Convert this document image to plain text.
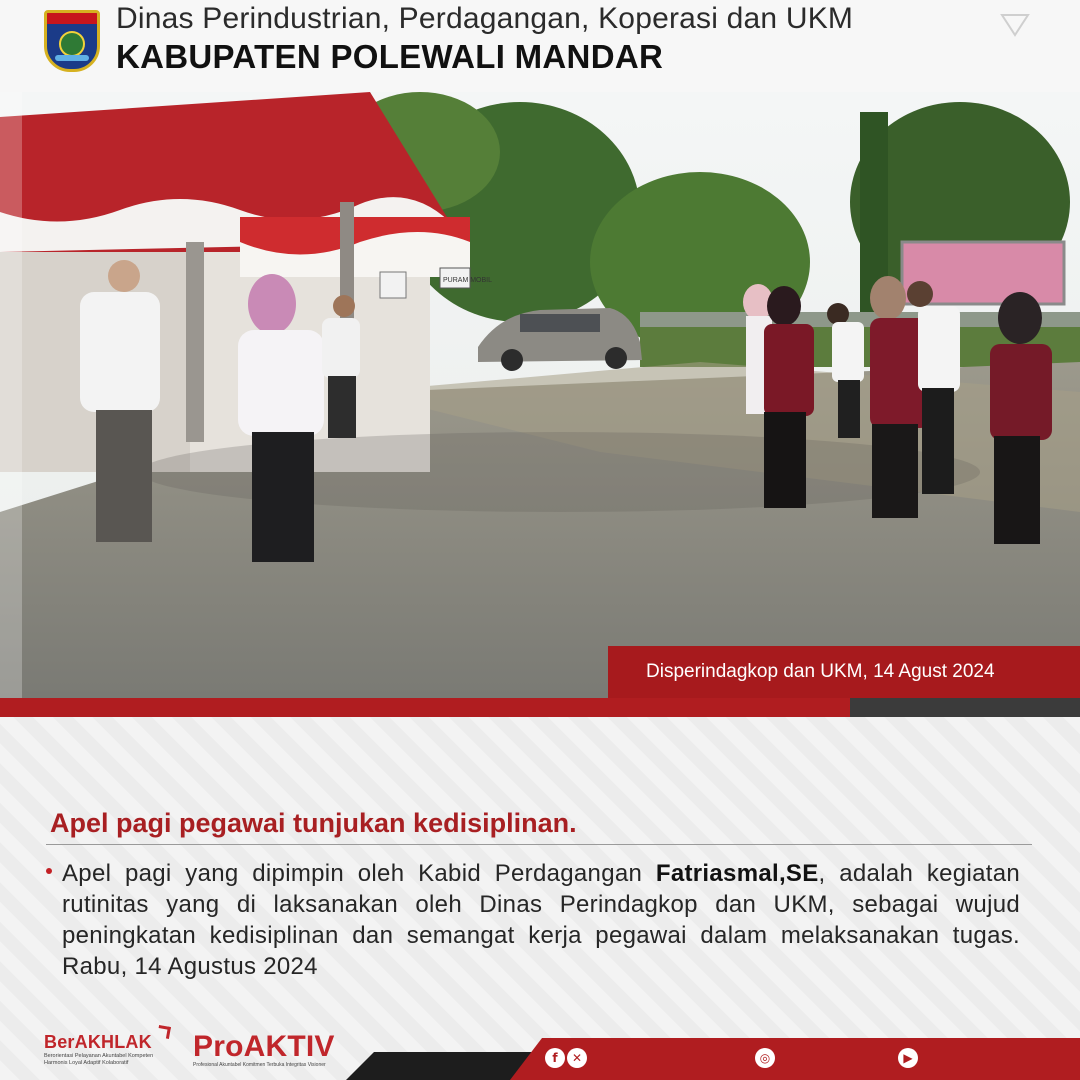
Dinas Perindustrian, Perdagangan, Koperasi dan UKM
KABUPATEN POLEWALI MANDAR
PURAM MOBIL
Disperindagkop dan UKM, 14 Agust 2024
Apel pagi pegawai tunjukan kedisiplinan.

Apel pagi yang dipimpin oleh Kabid Perdagangan Fatriasmal,SE, adalah kegiatan rutinitas yang di laksanakan oleh Dinas Perindagkop dan UKM, sebagai wujud peningkatan kedisiplinan dan semangat kerja pegawai dalam melaksanakan tugas. Rabu, 14 Agustus 2024

BerAKHLAK
Berorientasi Pelayanan Akuntabel Kompeten
Harmonis Loyal Adaptif Kolaboratif	ProAKTIV
Profesional Akuntabel Komitmen Terbuka Integritas Visioner	f	✕	◎	▶
